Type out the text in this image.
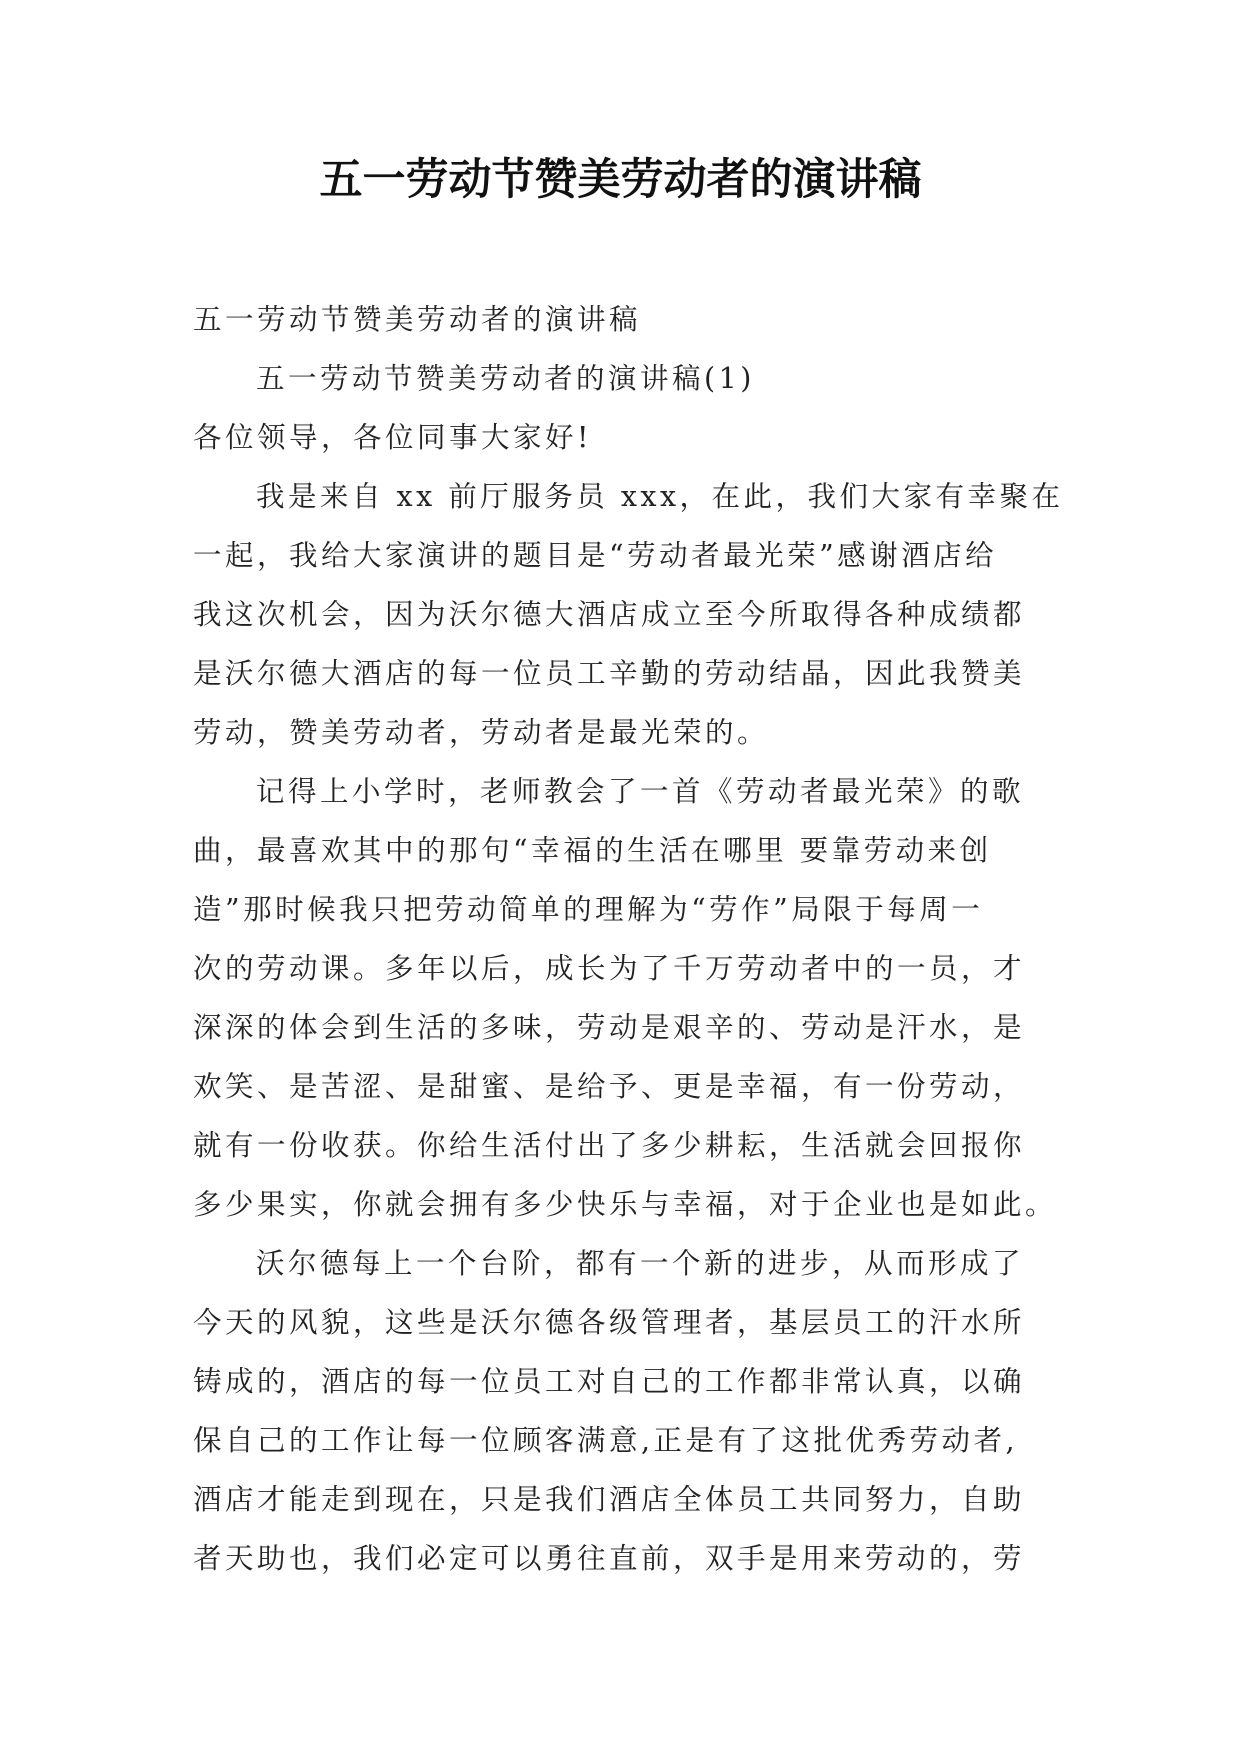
五一劳动节赞美劳动者的演讲稿
五一劳动节赞美劳动者的演讲稿
五一劳动节赞美劳动者的演讲稿(1)
各位领导，各位同事大家好!
我是来自 xx 前厅服务员 xxx，在此，我们大家有幸聚在
一起，我给大家演讲的题目是“劳动者最光荣”感谢酒店给
我这次机会，因为沃尔德大酒店成立至今所取得各种成绩都
是沃尔德大酒店的每一位员工辛勤的劳动结晶，因此我赞美
劳动，赞美劳动者，劳动者是最光荣的。
记得上小学时，老师教会了一首《劳动者最光荣》的歌
曲，最喜欢其中的那句“幸福的生活在哪里 要靠劳动来创
造”那时候我只把劳动简单的理解为“劳作”局限于每周一
次的劳动课。多年以后，成长为了千万劳动者中的一员，才
深深的体会到生活的多味，劳动是艰辛的、劳动是汗水，是
欢笑、是苦涩、是甜蜜、是给予、更是幸福，有一份劳动，
就有一份收获。你给生活付出了多少耕耘，生活就会回报你
多少果实，你就会拥有多少快乐与幸福，对于企业也是如此。
沃尔德每上一个台阶，都有一个新的进步，从而形成了
今天的风貌，这些是沃尔德各级管理者，基层员工的汗水所
铸成的，酒店的每一位员工对自己的工作都非常认真，以确
保自己的工作让每一位顾客满意,正是有了这批优秀劳动者,
酒店才能走到现在，只是我们酒店全体员工共同努力，自助
者天助也，我们必定可以勇往直前，双手是用来劳动的，劳
